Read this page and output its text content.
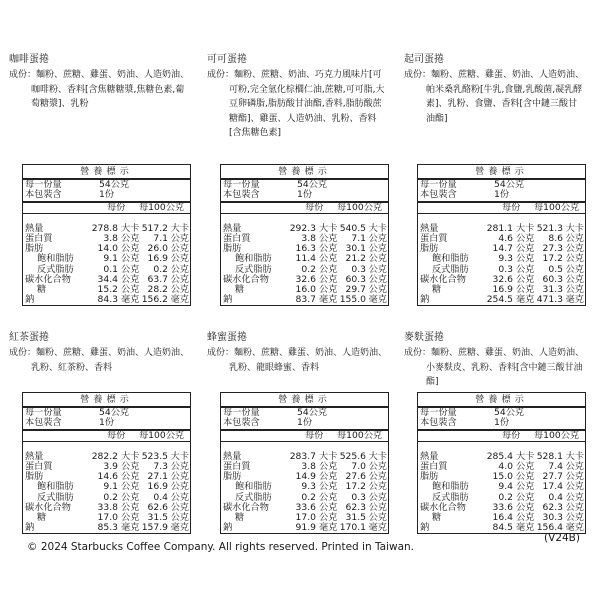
咖啡蛋捲
成份：麵粉、蔗糖、雞蛋、奶油、人造奶油、咖啡粉、香料[含焦糖糖漿,焦糖色素,葡萄糖漿]、乳粉
營養標示
每一份量	54公克
本包裝含	1份
每份 每100公克
熱量	278.8 大卡 517.2 大卡
蛋白質	3.8 公克 7.1 公克
脂肪	14.0 公克 26.0 公克
飽和脂肪	9.1 公克 16.9 公克
反式脂肪	0.1 公克 0.2 公克
碳水化合物	34.4 公克 63.7 公克
糖	15.2 公克 28.2 公克
鈉	84.3 毫克 156.2 毫克
可可蛋捲
成份：麵粉、蔗糖、奶油、巧克力風味片[可可粉,完全氫化棕櫚仁油,蔗糖,可可脂,大豆卵磷脂,脂肪酸甘油酯,香料,脂肪酸蔗糖酯]、雞蛋、人造奶油、乳粉、香料[含焦糖色素]
營養標示
每一份量	54公克
本包裝含	1份
每份 每100公克
熱量	292.3 大卡 540.5 大卡
蛋白質	3.8 公克 7.1 公克
脂肪	16.3 公克 30.1 公克
飽和脂肪	11.4 公克 21.2 公克
反式脂肪	0.2 公克 0.3 公克
碳水化合物	32.6 公克 60.3 公克
糖	16.0 公克 29.7 公克
鈉	83.7 毫克 155.0 毫克
起司蛋捲
成份：麵粉、蔗糖、雞蛋、奶油、人造奶油、帕米桑乳酪粉[牛乳,食鹽,乳酸菌,凝乳酵素]、乳粉、食鹽、香料[含中鏈三酸甘油酯]
營養標示
每一份量	54公克
本包裝含	1份
每份 每100公克
熱量	281.1 大卡 521.3 大卡
蛋白質	4.6 公克 8.6 公克
脂肪	14.7 公克 27.3 公克
飽和脂肪	9.3 公克 17.2 公克
反式脂肪	0.3 公克 0.5 公克
碳水化合物	32.6 公克 60.3 公克
糖	16.9 公克 31.3 公克
鈉	254.5 毫克 471.3 毫克
紅茶蛋捲
成份：麵粉、蔗糖、雞蛋、奶油、人造奶油、乳粉、紅茶粉、香料
營養標示
每一份量	54公克
本包裝含	1份
每份 每100公克
熱量	282.2 大卡 523.5 大卡
蛋白質	3.9 公克 7.3 公克
脂肪	14.6 公克 27.1 公克
飽和脂肪	9.1 公克 16.9 公克
反式脂肪	0.2 公克 0.4 公克
碳水化合物	33.8 公克 62.6 公克
糖	17.0 公克 31.5 公克
鈉	85.3 毫克 157.9 毫克
蜂蜜蛋捲
成份：麵粉、蔗糖、雞蛋、奶油、人造奶油、乳粉、龍眼蜂蜜、香料
營養標示
每一份量	54公克
本包裝含	1份
每份 每100公克
熱量	283.7 大卡 525.6 大卡
蛋白質	3.8 公克 7.0 公克
脂肪	14.9 公克 27.6 公克
飽和脂肪	9.3 公克 17.2 公克
反式脂肪	0.2 公克 0.3 公克
碳水化合物	33.6 公克 62.3 公克
糖	17.0 公克 31.5 公克
鈉	91.9 毫克 170.1 毫克
麥麩蛋捲
成份：麵粉、蔗糖、雞蛋、奶油、人造奶油、小麥麩皮、乳粉、香料[含中鏈三酸甘油酯]
營養標示
每一份量	54公克
本包裝含	1份
每份 每100公克
熱量	285.4 大卡 528.1 大卡
蛋白質	4.0 公克 7.4 公克
脂肪	15.0 公克 27.7 公克
飽和脂肪	9.4 公克 17.4 公克
反式脂肪	0.2 公克 0.4 公克
碳水化合物	33.6 公克 62.3 公克
糖	16.4 公克 30.3 公克
鈉	84.5 毫克 156.4 毫克
© 2024 Starbucks Coffee Company. All rights reserved. Printed in Taiwan.
(V24B)
